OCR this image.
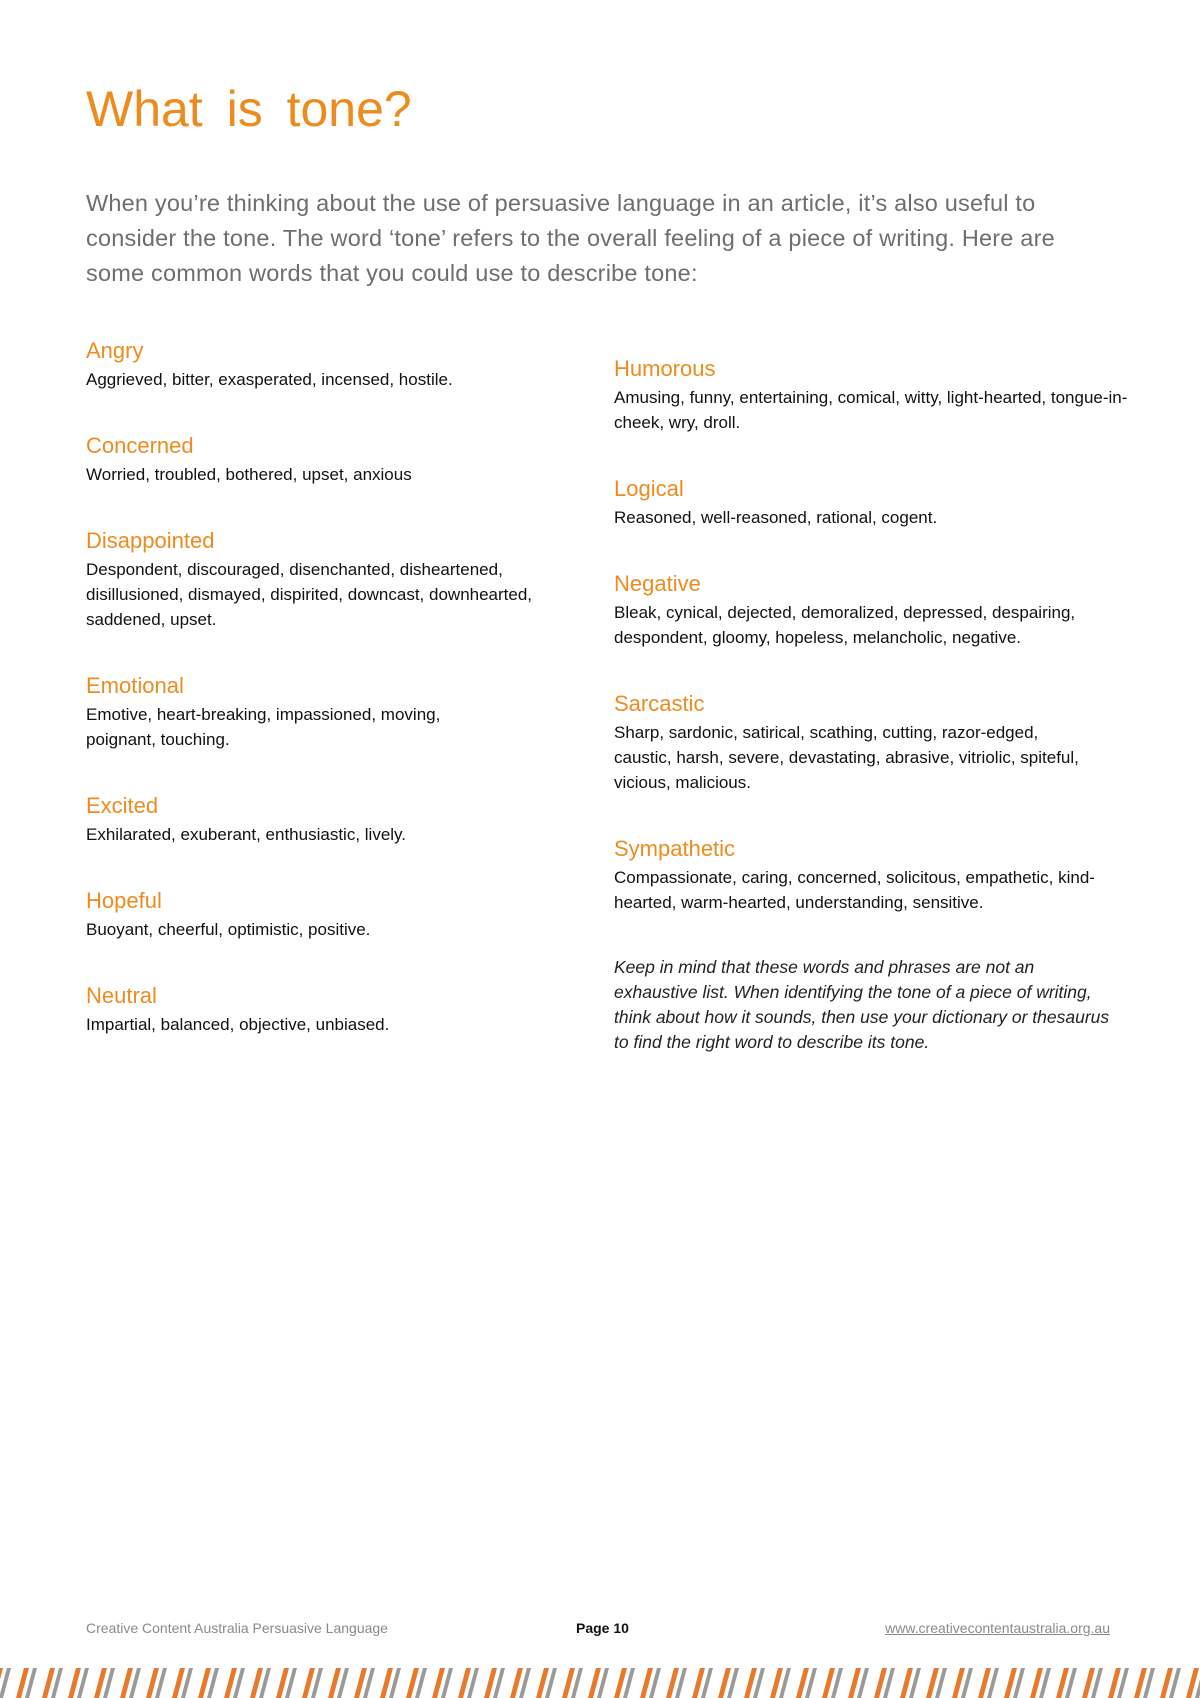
What is tone?

When you’re thinking about the use of persuasive language in an article, it’s also useful to consider the tone. The word ‘tone’ refers to the overall feeling of a piece of writing. Here are some common words that you could use to describe tone:

Angry
Aggrieved, bitter, exasperated, incensed, hostile.
Concerned
Worried, troubled, bothered, upset, anxious
Disappointed
Despondent, discouraged, disenchanted, disheartened, disillusioned, dismayed, dispirited, downcast, downhearted, saddened, upset.
Emotional
Emotive, heart-breaking, impassioned, moving, poignant, touching.
Excited
Exhilarated, exuberant, enthusiastic, lively.
Hopeful
Buoyant, cheerful, optimistic, positive.
Neutral
Impartial, balanced, objective, unbiased.
Humorous
Amusing, funny, entertaining, comical, witty, light-hearted, tongue-in-cheek, wry, droll.
Logical
Reasoned, well-reasoned, rational, cogent.
Negative
Bleak, cynical, dejected, demoralized, depressed, despairing, despondent, gloomy, hopeless, melancholic, negative.
Sarcastic
Sharp, sardonic, satirical, scathing, cutting, razor-edged, caustic, harsh, severe, devastating, abrasive, vitriolic, spiteful, vicious, malicious.
Sympathetic
Compassionate, caring, concerned, solicitous, empathetic, kind-hearted, warm-hearted, understanding, sensitive.

Keep in mind that these words and phrases are not an exhaustive list. When identifying the tone of a piece of writing, think about how it sounds, then use your dictionary or thesaurus to find the right word to describe its tone.

Creative Content Australia Persuasive Language	Page 10	www.creativecontentaustralia.org.au
